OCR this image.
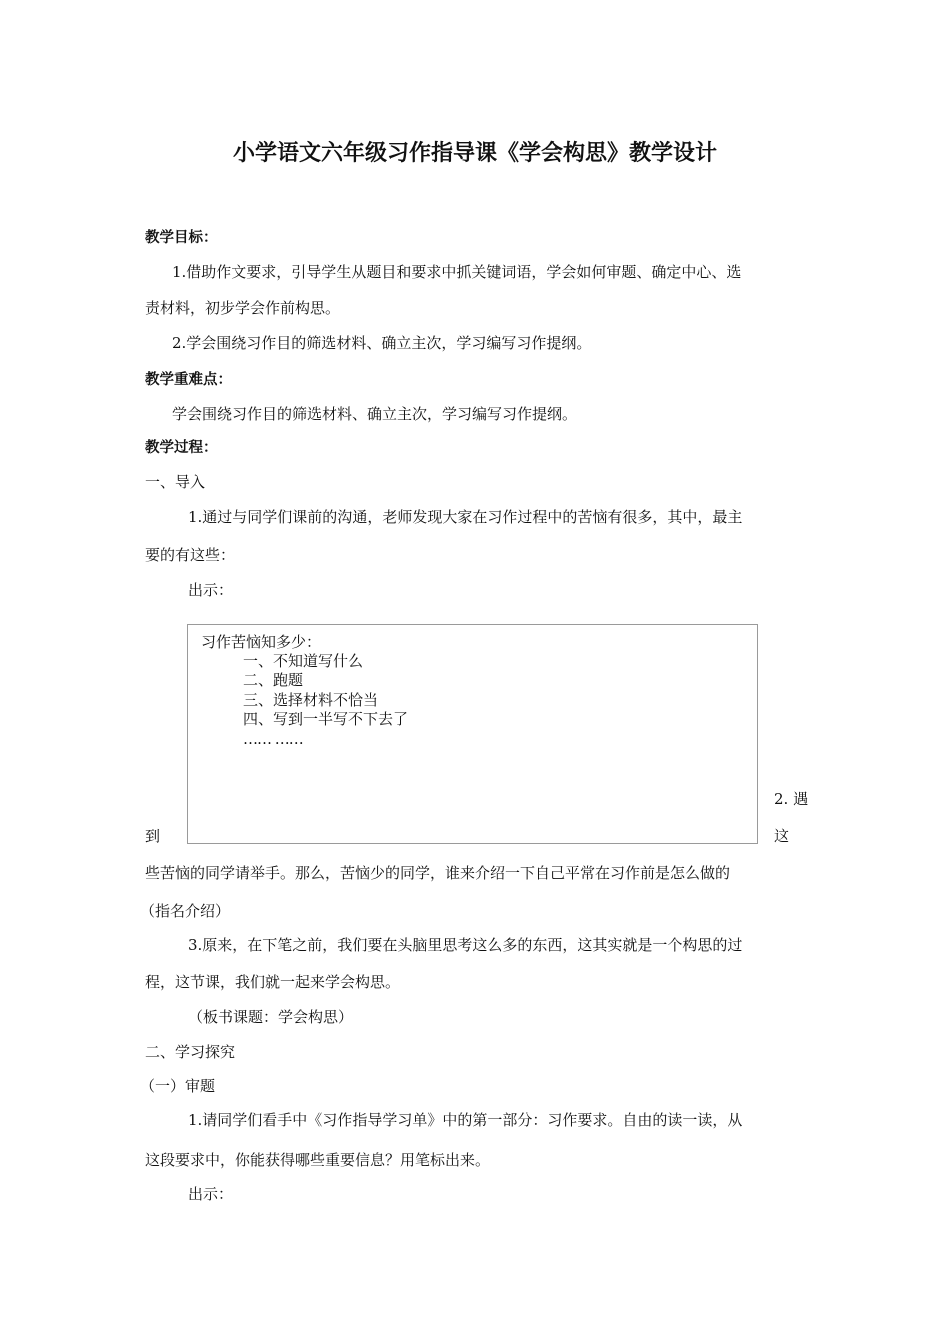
小学语文六年级习作指导课《学会构思》教学设计
教学目标：
1.借助作文要求，引导学生从题目和要求中抓关键词语，学会如何审题、确定中心、选
责材料，初步学会作前构思。
2.学会围绕习作目的筛选材料、确立主次，学习编写习作提纲。
教学重难点：
学会围绕习作目的筛选材料、确立主次，学习编写习作提纲。
教学过程：
一、导入
1.通过与同学们课前的沟通，老师发现大家在习作过程中的苦恼有很多，其中，最主
要的有这些：
出示：
习作苦恼知多少：
一、不知道写什么
二、跑题
三、选择材料不恰当
四、写到一半写不下去了
…… ……
2. 遇
到	这
些苦恼的同学请举手。那么，苦恼少的同学，谁来介绍一下自己平常在习作前是怎么做的
（指名介绍）
3.原来，在下笔之前，我们要在头脑里思考这么多的东西，这其实就是一个构思的过
程，这节课，我们就一起来学会构思。
（板书课题：学会构思）
二、学习探究
（一）审题
1.请同学们看手中《习作指导学习单》中的第一部分：习作要求。自由的读一读，从
这段要求中，你能获得哪些重要信息？用笔标出来。
出示：
